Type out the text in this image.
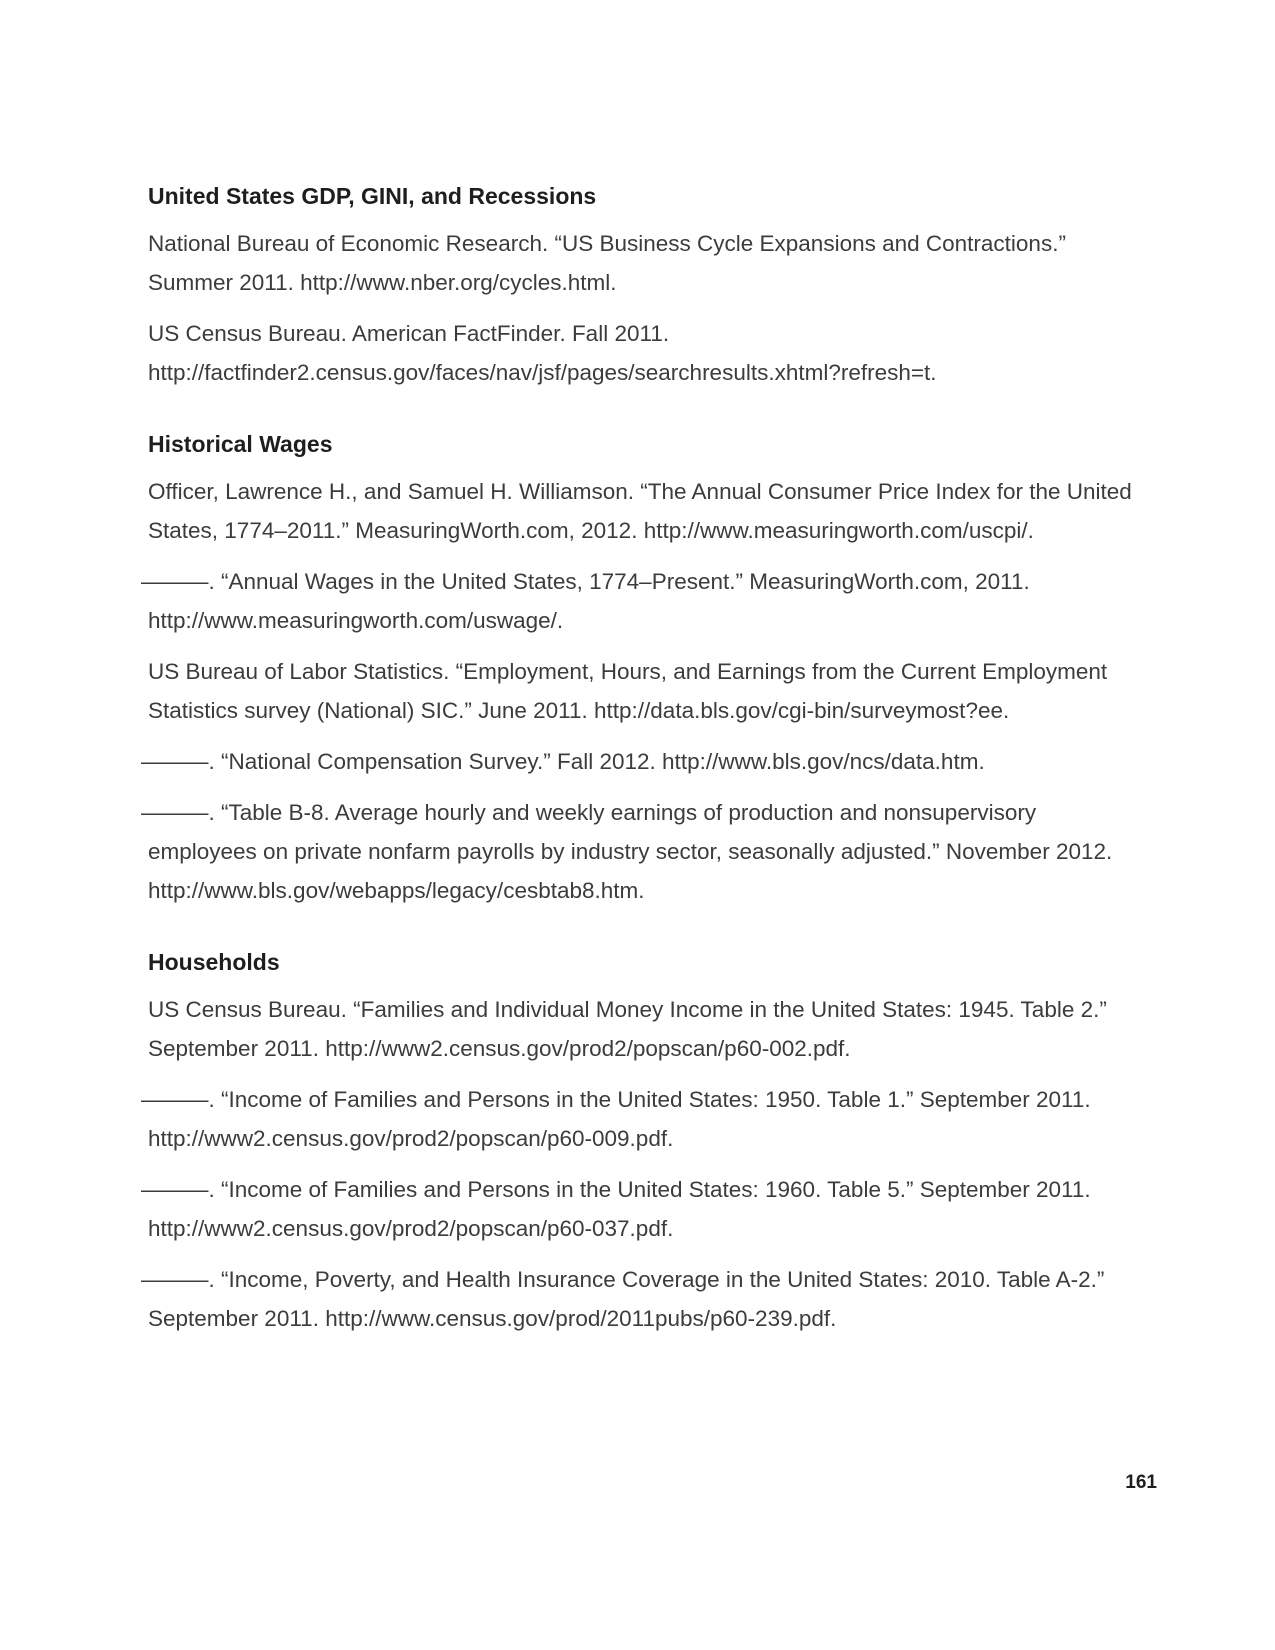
United States GDP, GINI, and Recessions

National Bureau of Economic Research. “US Business Cycle Expansions and Contractions.” Summer 2011. http://www.nber.org/cycles.html.

US Census Bureau. American FactFinder. Fall 2011. http://factfinder2.census.gov/faces/nav/jsf/pages/searchresults.xhtml?refresh=t.

Historical Wages

Officer, Lawrence H., and Samuel H. Williamson. “The Annual Consumer Price Index for the United States, 1774–2011.” MeasuringWorth.com, 2012. http://www.measuringworth.com/uscpi/.

———. “Annual Wages in the United States, 1774–Present.” MeasuringWorth.com, 2011. http://www.measuringworth.com/uswage/.

US Bureau of Labor Statistics. “Employment, Hours, and Earnings from the Current Employment Statistics survey (National) SIC.” June 2011. http://data.bls.gov/cgi-bin/surveymost?ee.

———. “National Compensation Survey.” Fall 2012. http://www.bls.gov/ncs/data.htm.

———. “Table B-8. Average hourly and weekly earnings of production and nonsupervisory employees on private nonfarm payrolls by industry sector, seasonally adjusted.” November 2012. http://www.bls.gov/webapps/legacy/cesbtab8.htm.

Households

US Census Bureau. “Families and Individual Money Income in the United States: 1945. Table 2.” September 2011. http://www2.census.gov/prod2/popscan/p60-002.pdf.

———. “Income of Families and Persons in the United States: 1950. Table 1.” September 2011. http://www2.census.gov/prod2/popscan/p60-009.pdf.

———. “Income of Families and Persons in the United States: 1960. Table 5.” September 2011. http://www2.census.gov/prod2/popscan/p60-037.pdf.

———. “Income, Poverty, and Health Insurance Coverage in the United States: 2010. Table A-2.” September 2011. http://www.census.gov/prod/2011pubs/p60-239.pdf.

161
